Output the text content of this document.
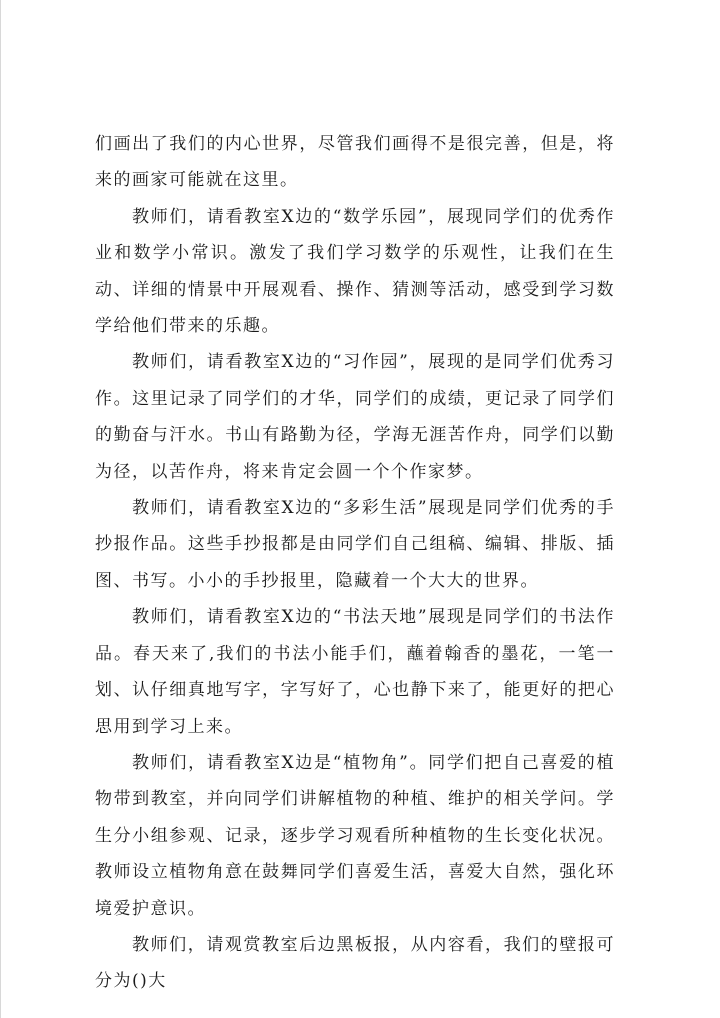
们画出了我们的内心世界，尽管我们画得不是很完善，但是，将来的画家可能就在这里。

教师们，请看教室X边的“数学乐园”，展现同学们的优秀作业和数学小常识。激发了我们学习数学的乐观性，让我们在生动、详细的情景中开展观看、操作、猜测等活动，感受到学习数学给他们带来的乐趣。

教师们，请看教室X边的“习作园”，展现的是同学们优秀习作。这里记录了同学们的才华，同学们的成绩，更记录了同学们的勤奋与汗水。书山有路勤为径，学海无涯苦作舟，同学们以勤为径，以苦作舟，将来肯定会圆一个个作家梦。

教师们，请看教室X边的“多彩生活”展现是同学们优秀的手抄报作品。这些手抄报都是由同学们自己组稿、编辑、排版、插图、书写。小小的手抄报里，隐藏着一个大大的世界。

教师们，请看教室X边的“书法天地”展现是同学们的书法作品。春天来了,我们的书法小能手们，蘸着翰香的墨花，一笔一划、认仔细真地写字，字写好了，心也静下来了，能更好的把心思用到学习上来。

教师们，请看教室X边是“植物角”。同学们把自己喜爱的植物带到教室，并向同学们讲解植物的种植、维护的相关学问。学生分小组参观、记录，逐步学习观看所种植物的生长变化状况。教师设立植物角意在鼓舞同学们喜爱生活，喜爱大自然，强化环境爱护意识。

教师们，请观赏教室后边黑板报，从内容看，我们的壁报可分为()大
